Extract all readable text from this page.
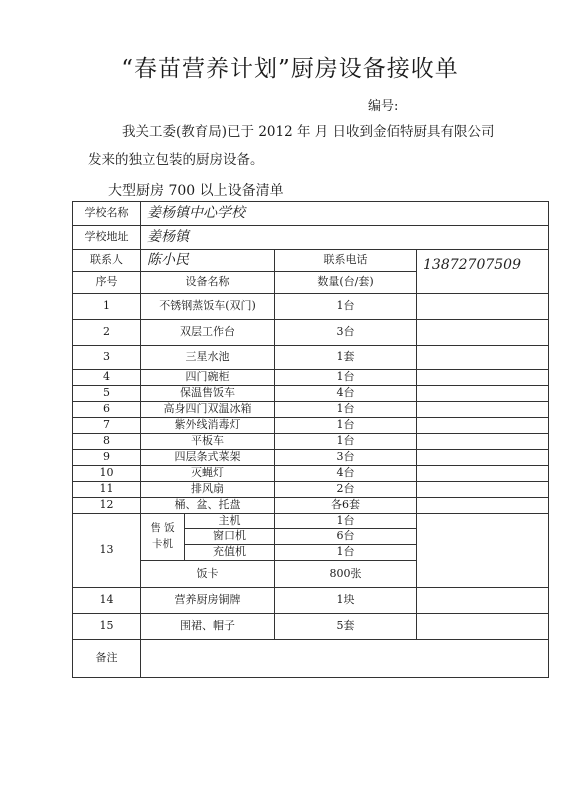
“春苗营养计划”厨房设备接收单
编号:
我关工委(教育局)已于 2012 年 月 日收到金佰特厨具有限公司
发来的独立包装的厨房设备。
大型厨房 700 以上设备清单
学校名称	姜杨镇中心学校			
学校地址	姜杨镇			
联系人	陈小民		联系电话	13872707509
序号	设备名称		数量(台/套)	
1	不锈钢蒸饭车(双门)		1台	
2	双层工作台		3台	
3	三星水池		1套	
4	四门碗柜		1台	
5	保温售饭车		4台	
6	高身四门双温冰箱		1台	
7	紫外线消毒灯		1台	
8	平板车		1台	
9	四层条式菜架		3台	
10	灭蝇灯		4台	
11	排风扇		2台	
12	桶、盆、托盘		各6套	
13	售 饭 卡机	主机	1台	
		窗口机	6台	
		充值机	1台	
	饭卡		800张	
14	营养厨房铜牌		1块	
15	围裙、帽子		5套	
备注				
